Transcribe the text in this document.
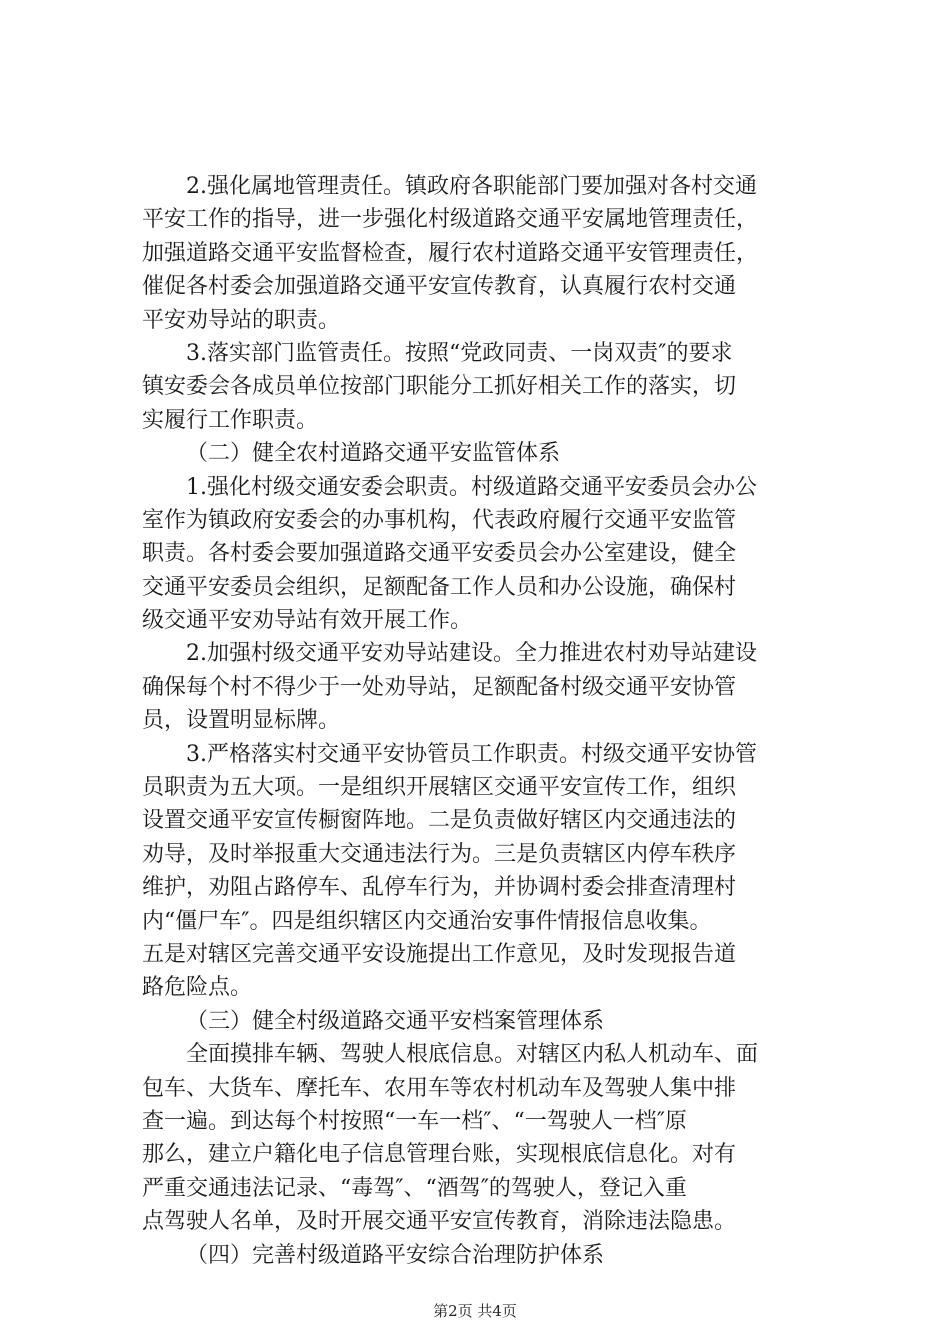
2.强化属地管理责任。镇政府各职能部门要加强对各村交通
平安工作的指导，进一步强化村级道路交通平安属地管理责任，
加强道路交通平安监督检查，履行农村道路交通平安管理责任，
催促各村委会加强道路交通平安宣传教育，认真履行农村交通
平安劝导站的职责。
3.落实部门监管责任。按照“党政同责、一岗双责″的要求
镇安委会各成员单位按部门职能分工抓好相关工作的落实，切
实履行工作职责。
（二）健全农村道路交通平安监管体系
1.强化村级交通安委会职责。村级道路交通平安委员会办公
室作为镇政府安委会的办事机构，代表政府履行交通平安监管
职责。各村委会要加强道路交通平安委员会办公室建设，健全
交通平安委员会组织，足额配备工作人员和办公设施，确保村
级交通平安劝导站有效开展工作。
2.加强村级交通平安劝导站建设。全力推进农村劝导站建设
确保每个村不得少于一处劝导站，足额配备村级交通平安协管
员，设置明显标牌。
3.严格落实村交通平安协管员工作职责。村级交通平安协管
员职责为五大项。一是组织开展辖区交通平安宣传工作，组织
设置交通平安宣传橱窗阵地。二是负责做好辖区内交通违法的
劝导，及时举报重大交通违法行为。三是负责辖区内停车秩序
维护，劝阻占路停车、乱停车行为，并协调村委会排查清理村
内“僵尸车″。四是组织辖区内交通治安事件情报信息收集。
五是对辖区完善交通平安设施提出工作意见，及时发现报告道
路危险点。
（三）健全村级道路交通平安档案管理体系
全面摸排车辆、驾驶人根底信息。对辖区内私人机动车、面
包车、大货车、摩托车、农用车等农村机动车及驾驶人集中排
查一遍。到达每个村按照“一车一档″、“一驾驶人一档″原
那么，建立户籍化电子信息管理台账，实现根底信息化。对有
严重交通违法记录、“毒驾″、“酒驾″的驾驶人，登记入重
点驾驶人名单，及时开展交通平安宣传教育，消除违法隐患。
（四）完善村级道路平安综合治理防护体系
第2页 共4页
